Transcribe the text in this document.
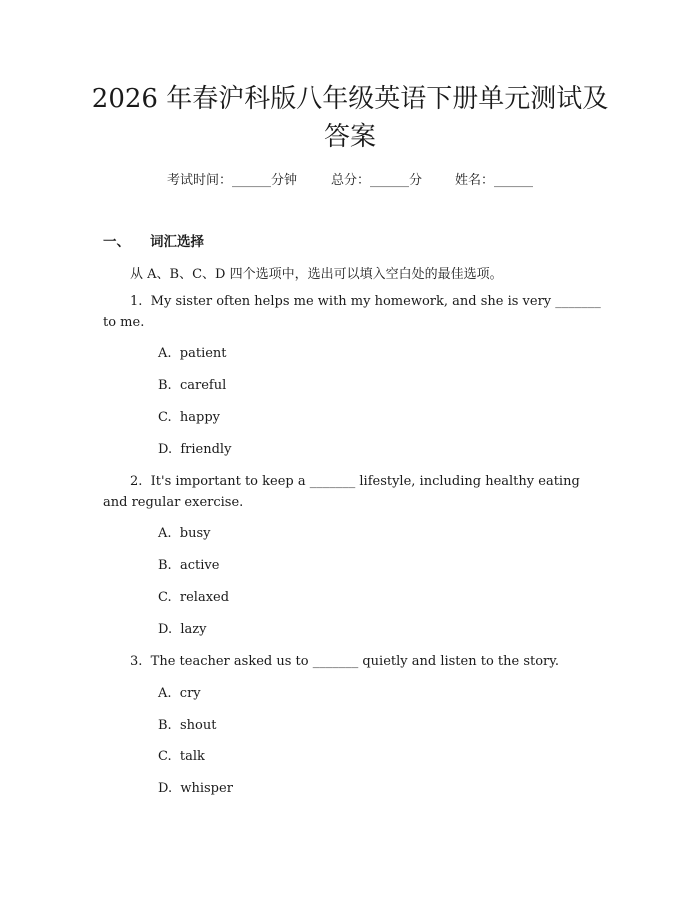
2026 年春沪科版八年级英语下册单元测试及
答案
考试时间：______分钟	总分：______分	姓名：______
一、 词汇选择
从 A、B、C、D 四个选项中，选出可以填入空白处的最佳选项。
1.  My sister often helps me with my homework, and she is very _______ to me.
A.  patient
B.  careful
C.  happy
D.  friendly
2.  It's important to keep a _______ lifestyle, including healthy eating and regular exercise.
A.  busy
B.  active
C.  relaxed
D.  lazy
3.  The teacher asked us to _______ quietly and listen to the story.
A.  cry
B.  shout
C.  talk
D.  whisper
